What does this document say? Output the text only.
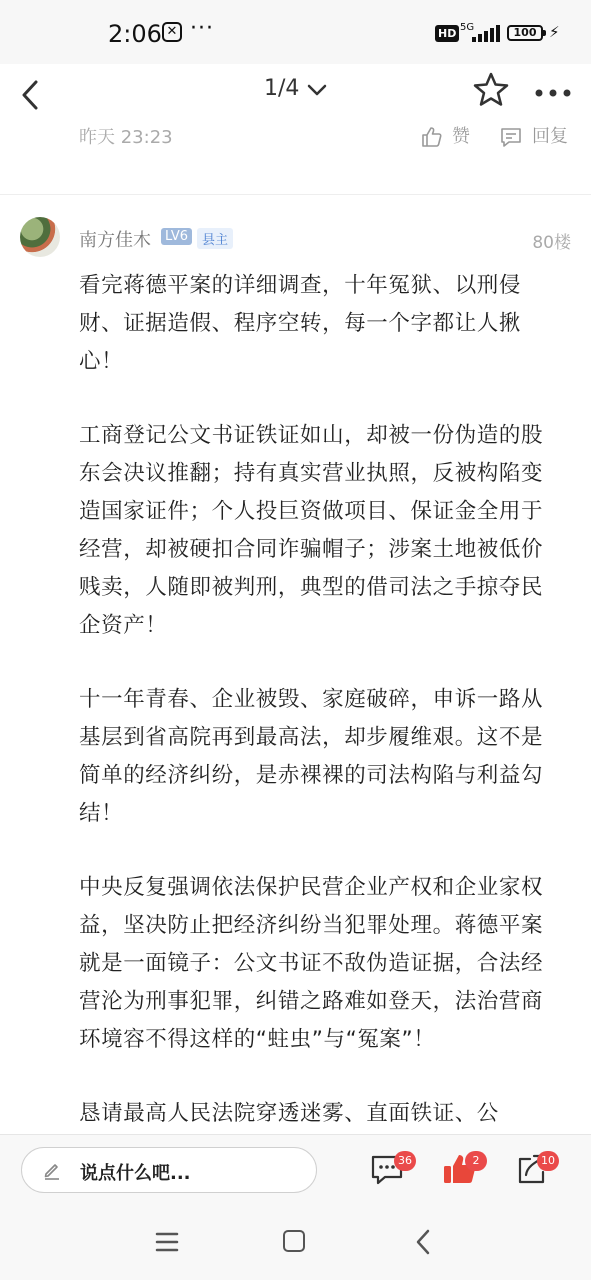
2:06 ✕ ···	HD 5G	100 ⚡
1/4
昨天 23:23	赞	回复
南方佳木	LV6	县主	80楼

看完蒋德平案的详细调查，十年冤狱、以刑侵财、证据造假、程序空转，每一个字都让人揪心！

工商登记公文书证铁证如山，却被一份伪造的股东会决议推翻；持有真实营业执照，反被构陷变造国家证件；个人投巨资做项目、保证金全用于经营，却被硬扣合同诈骗帽子；涉案土地被低价贱卖，人随即被判刑，典型的借司法之手掠夺民企资产！

十一年青春、企业被毁、家庭破碎，申诉一路从基层到省高院再到最高法，却步履维艰。这不是简单的经济纠纷，是赤裸裸的司法构陷与利益勾结！

中央反复强调依法保护民营企业产权和企业家权益，坚决防止把经济纠纷当犯罪处理。蒋德平案就是一面镜子：公文书证不敌伪造证据，合法经营沦为刑事犯罪，纠错之路难如登天，法治营商环境容不得这样的“蛀虫”与“冤案”！

恳请最高人民法院穿透迷雾、直面铁证、公

说点什么吧...
36	2	10
